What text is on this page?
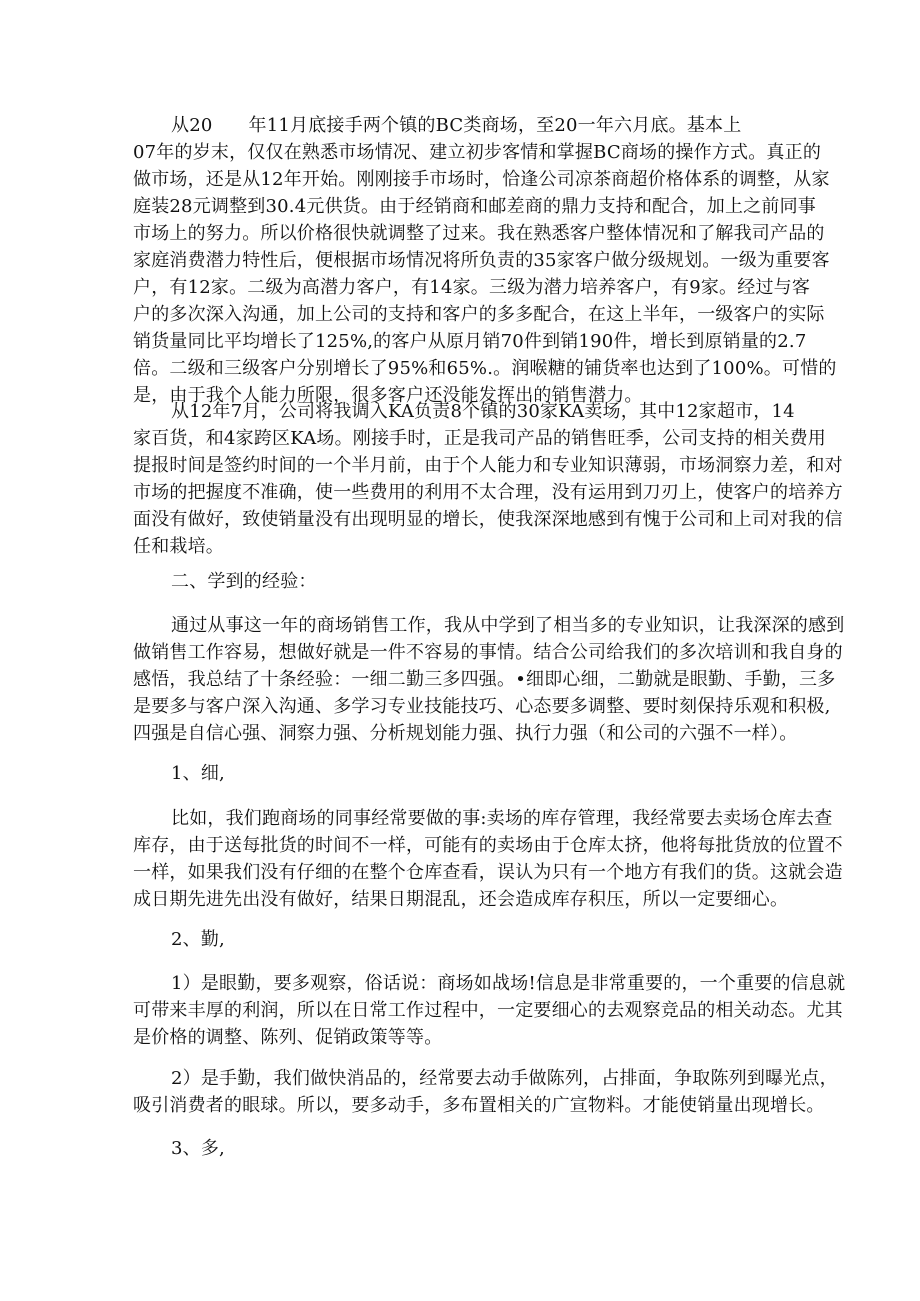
从20 年11月底接手两个镇的BC类商场，至20一年六月底。基本上
07年的岁末，仅仅在熟悉市场情况、建立初步客情和掌握BC商场的操作方式。真正的
做市场，还是从12年开始。刚刚接手市场时，恰逢公司凉茶商超价格体系的调整，从家
庭装28元调整到30.4元供货。由于经销商和邮差商的鼎力支持和配合，加上之前同事
市场上的努力。所以价格很快就调整了过来。我在熟悉客户整体情况和了解我司产品的
家庭消费潜力特性后，便根据市场情况将所负责的35家客户做分级规划。一级为重要客
户，有12家。二级为高潜力客户，有14家。三级为潜力培养客户，有9家。经过与客
户的多次深入沟通，加上公司的支持和客户的多多配合，在这上半年，一级客户的实际
销货量同比平均增长了125%,的客户从原月销70件到销190件，增长到原销量的2.7
倍。二级和三级客户分别增长了95%和65%.。润喉糖的铺货率也达到了100%。可惜的
是，由于我个人能力所限，很多客户还没能发挥出的销售潜力。
从12年7月，公司将我调入KA负责8个镇的30家KA卖场，其中12家超市，14
家百货，和4家跨区KA场。刚接手时，正是我司产品的销售旺季，公司支持的相关费用
提报时间是签约时间的一个半月前，由于个人能力和专业知识薄弱，市场洞察力差，和对
市场的把握度不准确，使一些费用的利用不太合理，没有运用到刀刃上，使客户的培养方
面没有做好，致使销量没有出现明显的增长，使我深深地感到有愧于公司和上司对我的信
任和栽培。
二、学到的经验：
通过从事这一年的商场销售工作，我从中学到了相当多的专业知识，让我深深的感到
做销售工作容易，想做好就是一件不容易的事情。结合公司给我们的多次培训和我自身的
感悟，我总结了十条经验：一细二勤三多四强。•细即心细，二勤就是眼勤、手勤，三多
是要多与客户深入沟通、多学习专业技能技巧、心态要多调整、要时刻保持乐观和积极,
四强是自信心强、洞察力强、分析规划能力强、执行力强（和公司的六强不一样）。
1、细,
比如，我们跑商场的同事经常要做的事:卖场的库存管理，我经常要去卖场仓库去查
库存，由于送每批货的时间不一样，可能有的卖场由于仓库太挤，他将每批货放的位置不
一样，如果我们没有仔细的在整个仓库查看，误认为只有一个地方有我们的货。这就会造
成日期先进先出没有做好，结果日期混乱，还会造成库存积压，所以一定要细心。
2、勤,
1）是眼勤，要多观察，俗话说：商场如战场!信息是非常重要的，一个重要的信息就
可带来丰厚的利润，所以在日常工作过程中，一定要细心的去观察竞品的相关动态。尤其
是价格的调整、陈列、促销政策等等。
2）是手勤，我们做快消品的，经常要去动手做陈列，占排面，争取陈列到曝光点，
吸引消费者的眼球。所以，要多动手，多布置相关的广宣物料。才能使销量出现增长。
3、多,
